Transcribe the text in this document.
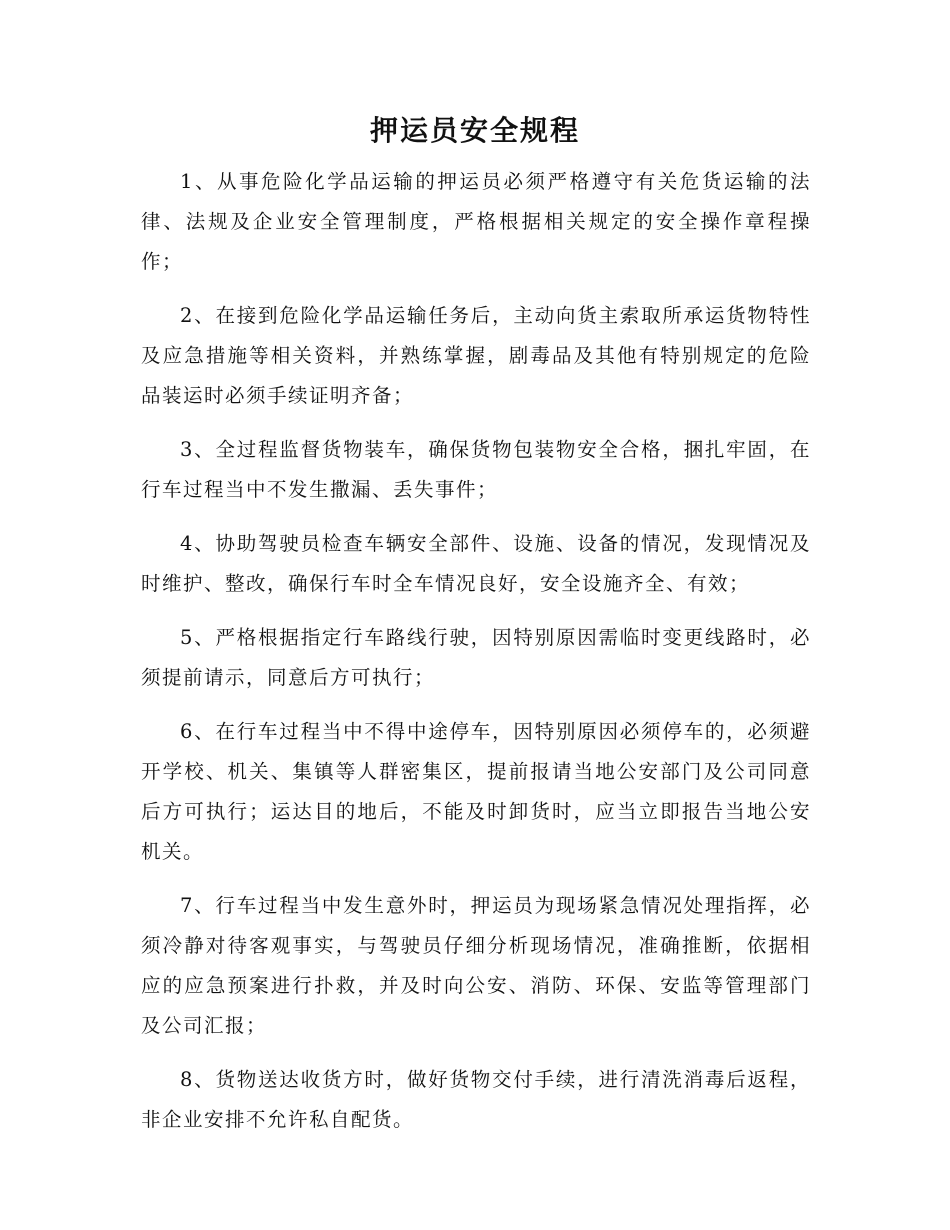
押运员安全规程

1、从事危险化学品运输的押运员必须严格遵守有关危货运输的法律、法规及企业安全管理制度，严格根据相关规定的安全操作章程操作；

2、在接到危险化学品运输任务后，主动向货主索取所承运货物特性及应急措施等相关资料，并熟练掌握，剧毒品及其他有特别规定的危险品装运时必须手续证明齐备；

3、全过程监督货物装车，确保货物包装物安全合格，捆扎牢固，在行车过程当中不发生撒漏、丢失事件；

4、协助驾驶员检查车辆安全部件、设施、设备的情况，发现情况及时维护、整改，确保行车时全车情况良好，安全设施齐全、有效；

5、严格根据指定行车路线行驶，因特别原因需临时变更线路时，必须提前请示，同意后方可执行；

6、在行车过程当中不得中途停车，因特别原因必须停车的，必须避开学校、机关、集镇等人群密集区，提前报请当地公安部门及公司同意后方可执行；运达目的地后，不能及时卸货时，应当立即报告当地公安机关。

7、行车过程当中发生意外时，押运员为现场紧急情况处理指挥，必须冷静对待客观事实，与驾驶员仔细分析现场情况，准确推断，依据相应的应急预案进行扑救，并及时向公安、消防、环保、安监等管理部门及公司汇报；

8、货物送达收货方时，做好货物交付手续，进行清洗消毒后返程，非企业安排不允许私自配货。
